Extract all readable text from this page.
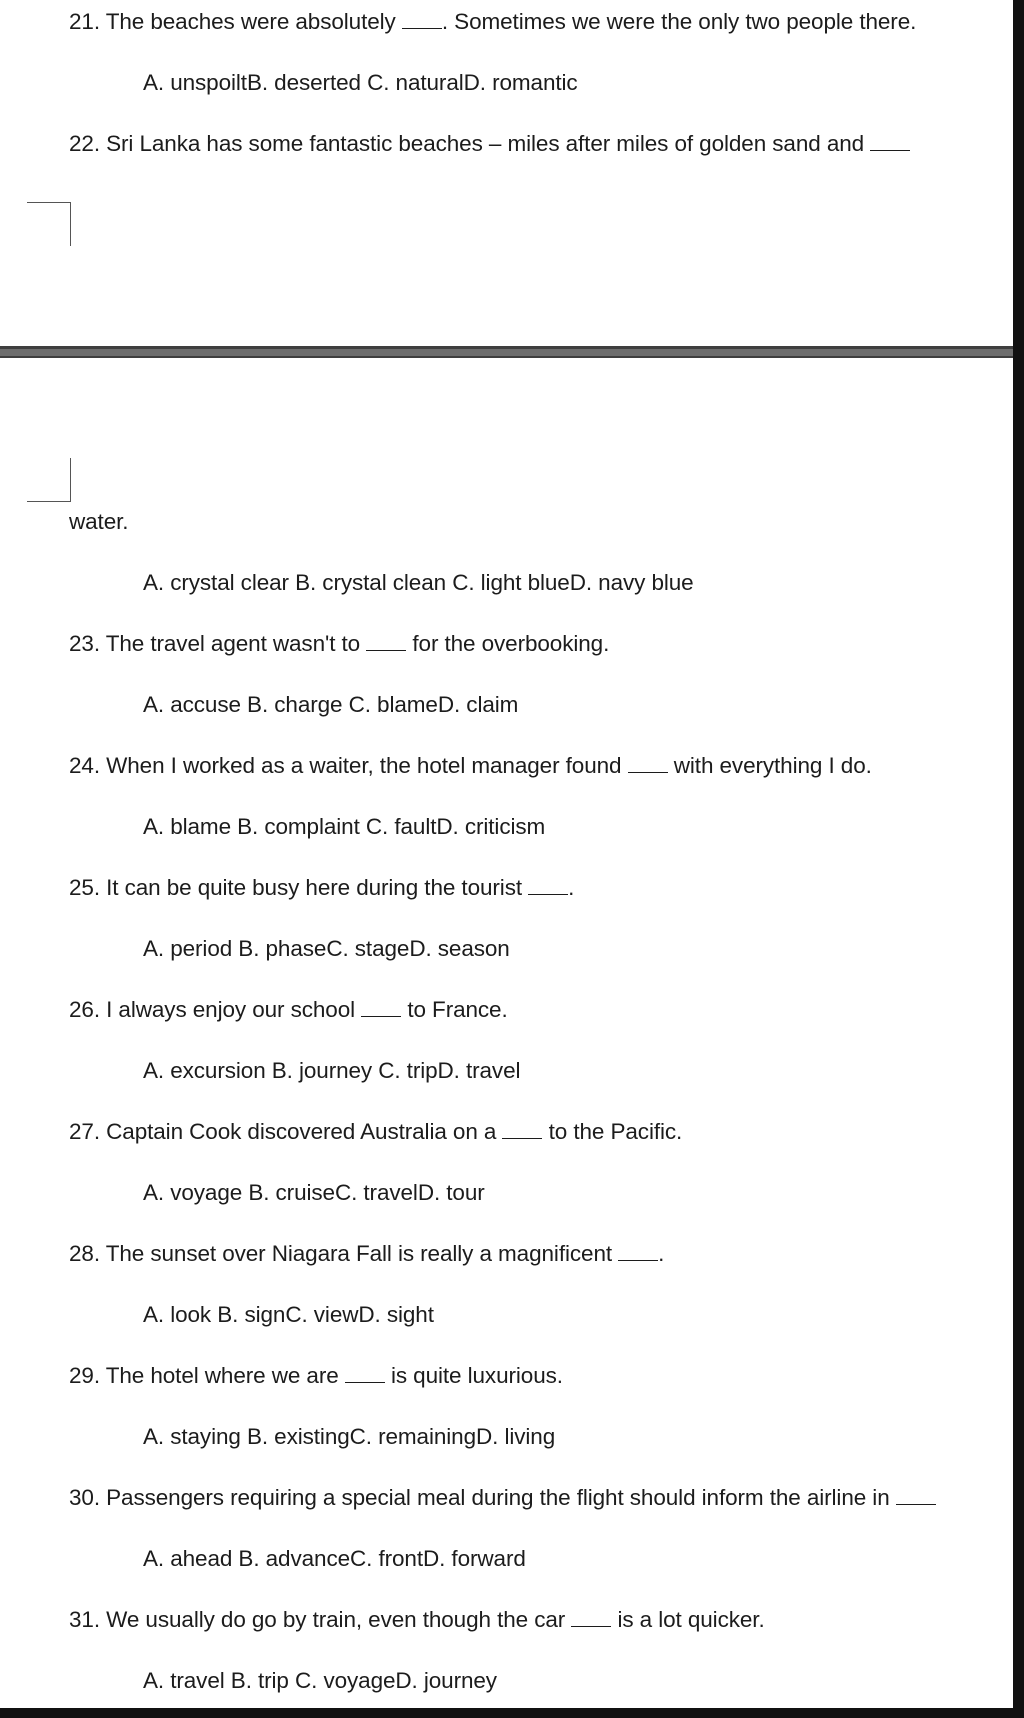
21. The beaches were absolutely . Sometimes we were the only two people there.
A. unspoiltB. deserted C. naturalD. romantic
22. Sri Lanka has some fantastic beaches – miles after miles of golden sand and
water.
A. crystal clear B. crystal clean C. light blueD. navy blue
23. The travel agent wasn't to for the overbooking.
A. accuse B. charge C. blameD. claim
24. When I worked as a waiter, the hotel manager found with everything I do.
A. blame B. complaint C. faultD. criticism
25. It can be quite busy here during the tourist .
A. period B. phaseC. stageD. season
26. I always enjoy our school to France.
A. excursion B. journey C. tripD. travel
27. Captain Cook discovered Australia on a to the Pacific.
A. voyage B. cruiseC. travelD. tour
28. The sunset over Niagara Fall is really a magnificent .
A. look B. signC. viewD. sight
29. The hotel where we are is quite luxurious.
A. staying B. existingC. remainingD. living
30. Passengers requiring a special meal during the flight should inform the airline in
A. ahead B. advanceC. frontD. forward
31. We usually do go by train, even though the car is a lot quicker.
A. travel B. trip C. voyageD. journey
